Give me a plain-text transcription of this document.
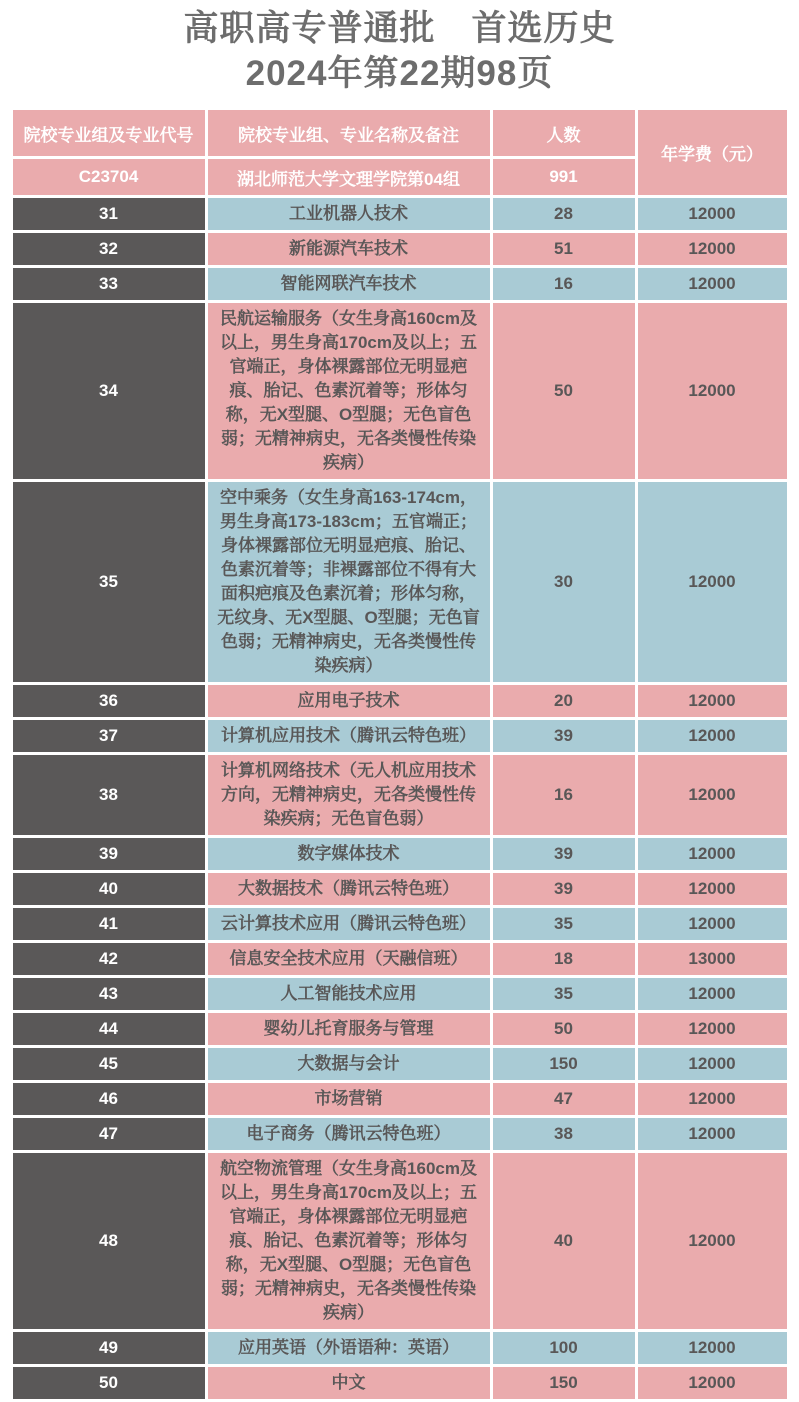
高职高专普通批　首选历史
2024年第22期98页
院校专业组及专业代号	院校专业组、专业名称及备注	人数	年学费（元）
C23704	湖北师范大学文理学院第04组	991	
31	工业机器人技术	28	12000
32	新能源汽车技术	51	12000
33	智能网联汽车技术	16	12000
34	民航运输服务（女生身高160cm及以上，男生身高170cm及以上；五官端正，身体裸露部位无明显疤痕、胎记、色素沉着等；形体匀称，无X型腿、O型腿；无色盲色弱；无精神病史，无各类慢性传染疾病）	50	12000
35	空中乘务（女生身高163-174cm，男生身高173-183cm；五官端正；身体裸露部位无明显疤痕、胎记、色素沉着等；非裸露部位不得有大面积疤痕及色素沉着；形体匀称，无纹身、无X型腿、O型腿；无色盲色弱；无精神病史，无各类慢性传染疾病）	30	12000
36	应用电子技术	20	12000
37	计算机应用技术（腾讯云特色班）	39	12000
38	计算机网络技术（无人机应用技术方向，无精神病史，无各类慢性传染疾病；无色盲色弱）	16	12000
39	数字媒体技术	39	12000
40	大数据技术（腾讯云特色班）	39	12000
41	云计算技术应用（腾讯云特色班）	35	12000
42	信息安全技术应用（天融信班）	18	13000
43	人工智能技术应用	35	12000
44	婴幼儿托育服务与管理	50	12000
45	大数据与会计	150	12000
46	市场营销	47	12000
47	电子商务（腾讯云特色班）	38	12000
48	航空物流管理（女生身高160cm及以上，男生身高170cm及以上；五官端正，身体裸露部位无明显疤痕、胎记、色素沉着等；形体匀称，无X型腿、O型腿；无色盲色弱；无精神病史，无各类慢性传染疾病）	40	12000
49	应用英语（外语语种：英语）	100	12000
50	中文	150	12000
